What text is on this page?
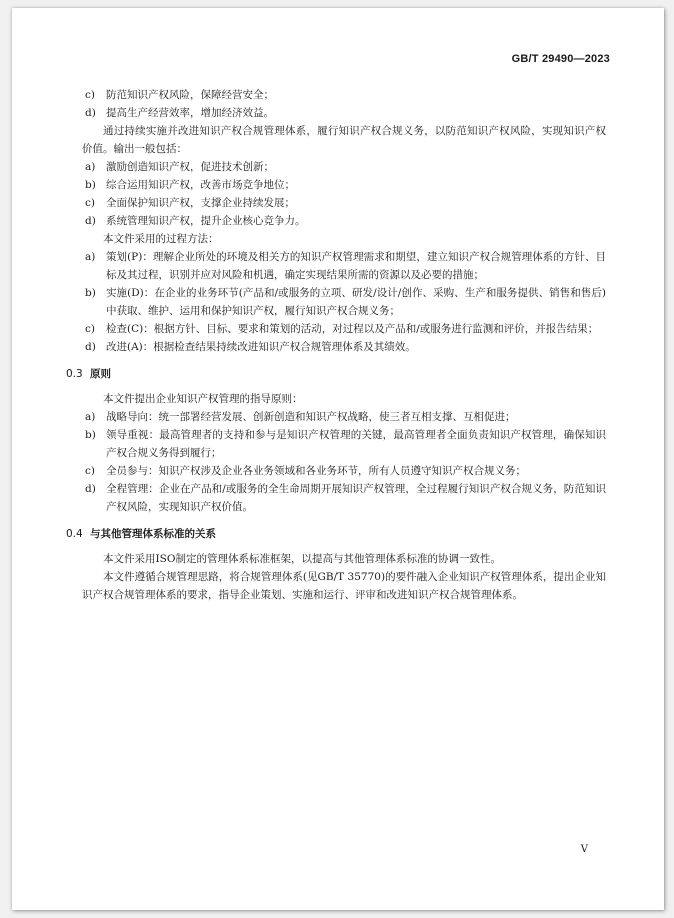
GB/T 29490—2023
c) 防范知识产权风险，保障经营安全；
d) 提高生产经营效率，增加经济效益。
通过持续实施并改进知识产权合规管理体系，履行知识产权合规义务，以防范知识产权风险，实现知识产权价值。输出一般包括：
a) 激励创造知识产权，促进技术创新；
b) 综合运用知识产权，改善市场竞争地位；
c) 全面保护知识产权，支撑企业持续发展；
d) 系统管理知识产权，提升企业核心竞争力。
本文件采用的过程方法：
a) 策划(P)：理解企业所处的环境及相关方的知识产权管理需求和期望，建立知识产权合规管理体系的方针、目标及其过程，识别并应对风险和机遇，确定实现结果所需的资源以及必要的措施；
b) 实施(D)：在企业的业务环节(产品和/或服务的立项、研发/设计/创作、采购、生产和服务提供、销售和售后)中获取、维护、运用和保护知识产权，履行知识产权合规义务；
c) 检查(C)：根据方针、目标、要求和策划的活动，对过程以及产品和/或服务进行监测和评价，并报告结果；
d) 改进(A)：根据检查结果持续改进知识产权合规管理体系及其绩效。
0.3 原则
本文件提出企业知识产权管理的指导原则：
a) 战略导向：统一部署经营发展、创新创造和知识产权战略，使三者互相支撑、互相促进；
b) 领导重视：最高管理者的支持和参与是知识产权管理的关键，最高管理者全面负责知识产权管理，确保知识产权合规义务得到履行；
c) 全员参与：知识产权涉及企业各业务领域和各业务环节，所有人员遵守知识产权合规义务；
d) 全程管理：企业在产品和/或服务的全生命周期开展知识产权管理，全过程履行知识产权合规义务，防范知识产权风险，实现知识产权价值。
0.4 与其他管理体系标准的关系
本文件采用ISO制定的管理体系标准框架，以提高与其他管理体系标准的协调一致性。
本文件遵循合规管理思路，将合规管理体系(见GB/T 35770)的要件融入企业知识产权管理体系，提出企业知识产权合规管理体系的要求，指导企业策划、实施和运行、评审和改进知识产权合规管理体系。
V
